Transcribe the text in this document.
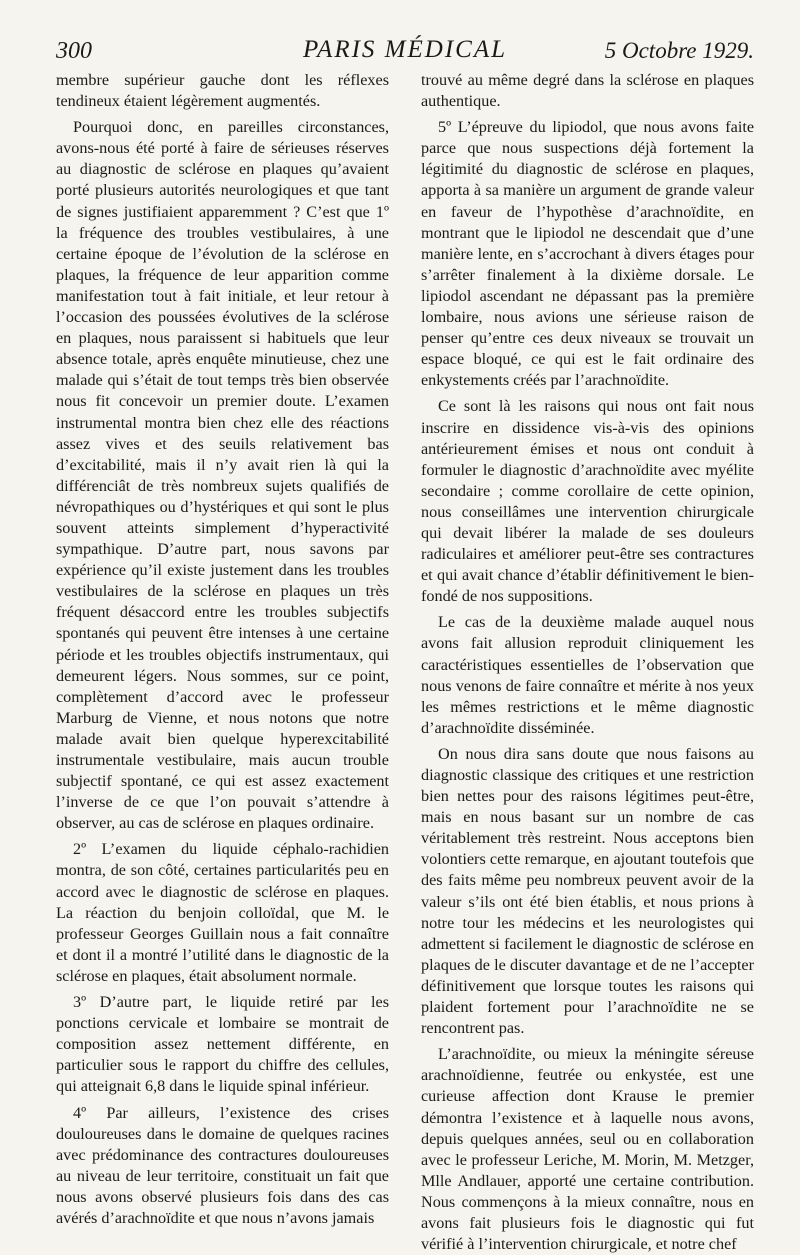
300	PARIS MÉDICAL	5 Octobre 1929.

membre supérieur gauche dont les réflexes tendineux étaient légèrement augmentés.

Pourquoi donc, en pareilles circonstances, avons-nous été porté à faire de sérieuses réserves au diagnostic de sclérose en plaques qu’avaient porté plusieurs autorités neurologiques et que tant de signes justifiaient apparemment ? C’est que 1º la fréquence des troubles vestibulaires, à une certaine époque de l’évolution de la sclérose en plaques, la fréquence de leur apparition comme manifestation tout à fait initiale, et leur retour à l’occasion des poussées évolutives de la sclérose en plaques, nous paraissent si habituels que leur absence totale, après enquête minutieuse, chez une malade qui s’était de tout temps très bien observée nous fit concevoir un premier doute. L’examen instrumental montra bien chez elle des réactions assez vives et des seuils relativement bas d’excitabilité, mais il n’y avait rien là qui la différenciât de très nombreux sujets qualifiés de névropathiques ou d’hystériques et qui sont le plus souvent atteints simplement d’hyperactivité sympathique. D’autre part, nous savons par expérience qu’il existe justement dans les troubles vestibulaires de la sclérose en plaques un très fréquent désaccord entre les troubles subjectifs spontanés qui peuvent être intenses à une certaine période et les troubles objectifs instrumentaux, qui demeurent légers. Nous sommes, sur ce point, complètement d’accord avec le professeur Marburg de Vienne, et nous notons que notre malade avait bien quelque hyperexcitabilité instrumentale vestibulaire, mais aucun trouble subjectif spontané, ce qui est assez exactement l’inverse de ce que l’on pouvait s’attendre à observer, au cas de sclérose en plaques ordinaire.

2º L’examen du liquide céphalo-rachidien montra, de son côté, certaines particularités peu en accord avec le diagnostic de sclérose en plaques. La réaction du benjoin colloïdal, que M. le professeur Georges Guillain nous a fait connaître et dont il a montré l’utilité dans le diagnostic de la sclérose en plaques, était absolument normale.

3º D’autre part, le liquide retiré par les ponctions cervicale et lombaire se montrait de composition assez nettement différente, en particulier sous le rapport du chiffre des cellules, qui atteignait 6,8 dans le liquide spinal inférieur.

4º Par ailleurs, l’existence des crises douloureuses dans le domaine de quelques racines avec prédominance des contractures douloureuses au niveau de leur territoire, constituait un fait que nous avons observé plusieurs fois dans des cas avérés d’arachnoïdite et que nous n’avons jamais

trouvé au même degré dans la sclérose en plaques authentique.

5º L’épreuve du lipiodol, que nous avons faite parce que nous suspections déjà fortement la légitimité du diagnostic de sclérose en plaques, apporta à sa manière un argument de grande valeur en faveur de l’hypothèse d’arachnoïdite, en montrant que le lipiodol ne descendait que d’une manière lente, en s’accrochant à divers étages pour s’arrêter finalement à la dixième dorsale. Le lipiodol ascendant ne dépassant pas la première lombaire, nous avions une sérieuse raison de penser qu’entre ces deux niveaux se trouvait un espace bloqué, ce qui est le fait ordinaire des enkystements créés par l’arachnoïdite.

Ce sont là les raisons qui nous ont fait nous inscrire en dissidence vis-à-vis des opinions antérieurement émises et nous ont conduit à formuler le diagnostic d’arachnoïdite avec myélite secondaire ; comme corollaire de cette opinion, nous conseillâmes une intervention chirurgicale qui devait libérer la malade de ses douleurs radiculaires et améliorer peut-être ses contractures et qui avait chance d’établir définitivement le bien-fondé de nos suppositions.

Le cas de la deuxième malade auquel nous avons fait allusion reproduit cliniquement les caractéristiques essentielles de l’observation que nous venons de faire connaître et mérite à nos yeux les mêmes restrictions et le même diagnostic d’arachnoïdite disséminée.

On nous dira sans doute que nous faisons au diagnostic classique des critiques et une restriction bien nettes pour des raisons légitimes peut-être, mais en nous basant sur un nombre de cas véritablement très restreint. Nous acceptons bien volontiers cette remarque, en ajoutant toutefois que des faits même peu nombreux peuvent avoir de la valeur s’ils ont été bien établis, et nous prions à notre tour les médecins et les neurologistes qui admettent si facilement le diagnostic de sclérose en plaques de le discuter davantage et de ne l’accepter définitivement que lorsque toutes les raisons qui plaident fortement pour l’arachnoïdite ne se rencontrent pas.

L’arachnoïdite, ou mieux la méningite séreuse arachnoïdienne, feutrée ou enkystée, est une curieuse affection dont Krause le premier démontra l’existence et à laquelle nous avons, depuis quelques années, seul ou en collaboration avec le professeur Leriche, M. Morin, M. Metzger, Mlle Andlauer, apporté une certaine contribution. Nous commençons à la mieux connaître, nous en avons fait plusieurs fois le diagnostic qui fut vérifié à l’intervention chirurgicale, et notre chef
